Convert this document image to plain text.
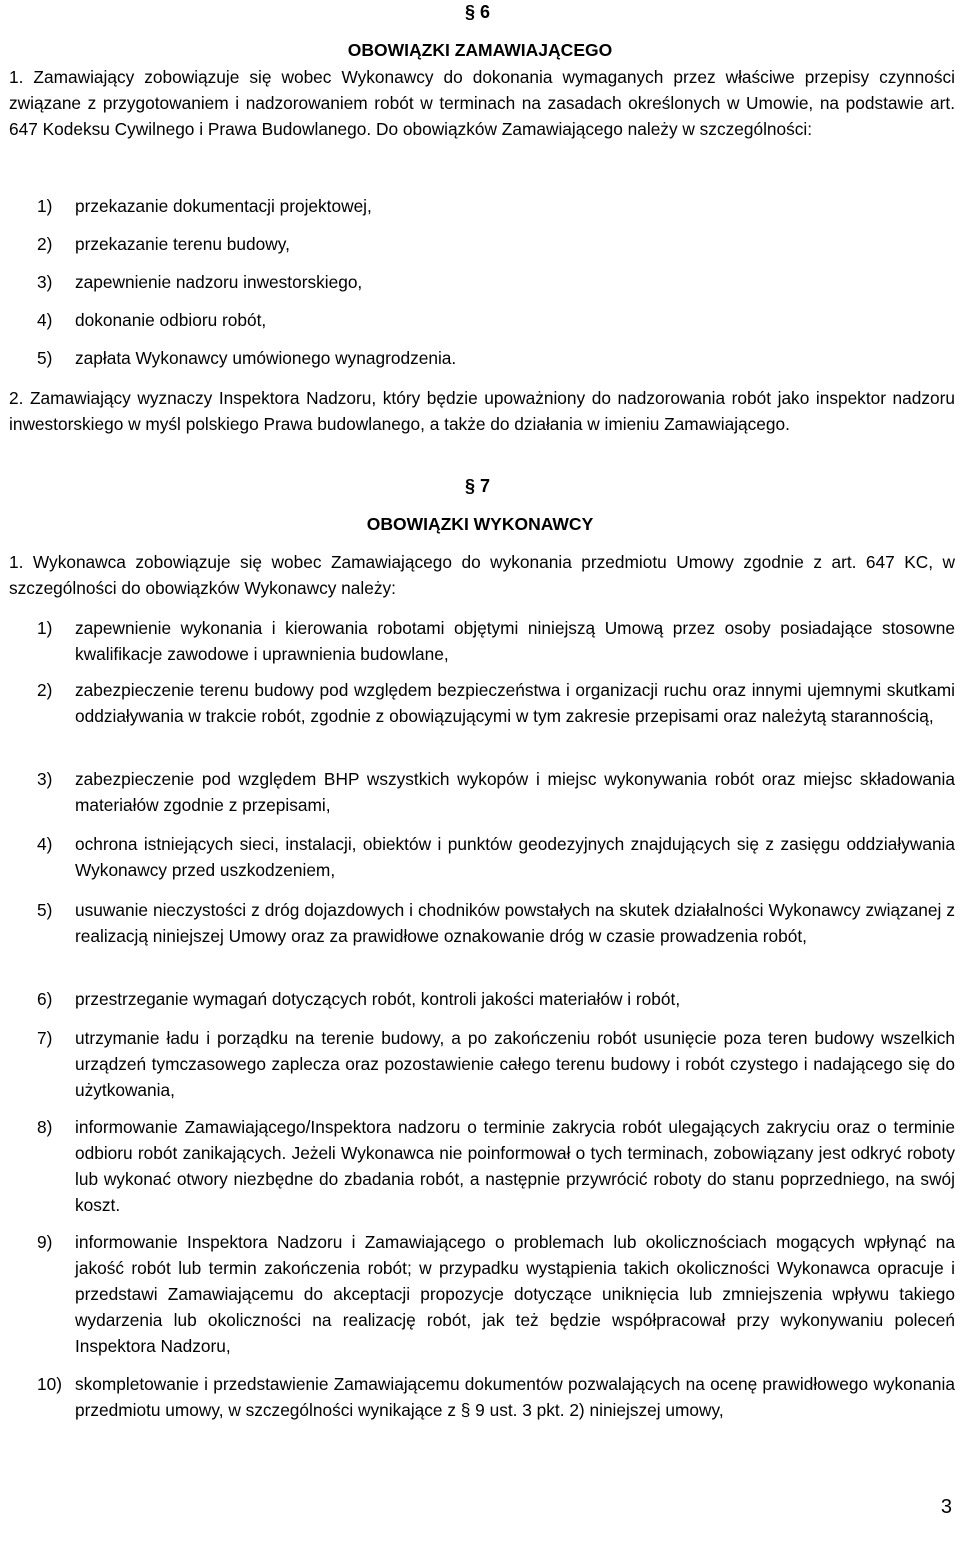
§ 6
OBOWIĄZKI ZAMAWIAJĄCEGO
1. Zamawiający zobowiązuje się wobec Wykonawcy do dokonania wymaganych przez właściwe przepisy czynności związane z przygotowaniem i nadzorowaniem robót w terminach na zasadach określonych w Umowie, na podstawie art. 647 Kodeksu Cywilnego i Prawa Budowlanego. Do obowiązków Zamawiającego należy w szczególności:
1)	przekazanie dokumentacji projektowej,
2)	przekazanie terenu budowy,
3)	zapewnienie nadzoru inwestorskiego,
4)	dokonanie odbioru robót,
5)	zapłata Wykonawcy umówionego wynagrodzenia.
2. Zamawiający wyznaczy Inspektora Nadzoru, który będzie upoważniony do nadzorowania robót jako inspektor nadzoru inwestorskiego w myśl polskiego Prawa budowlanego, a także do działania w imieniu Zamawiającego.
§ 7
OBOWIĄZKI WYKONAWCY
1. Wykonawca zobowiązuje się wobec Zamawiającego do wykonania przedmiotu Umowy zgodnie z art. 647 KC, w szczególności do obowiązków Wykonawcy należy:
1)	zapewnienie wykonania i kierowania robotami objętymi niniejszą Umową przez osoby posiadające stosowne kwalifikacje zawodowe i uprawnienia budowlane,
2)	zabezpieczenie terenu budowy pod względem bezpieczeństwa i organizacji ruchu oraz innymi ujemnymi skutkami oddziaływania w trakcie robót, zgodnie z obowiązującymi w tym zakresie przepisami oraz należytą starannością,
3)	zabezpieczenie pod względem BHP wszystkich wykopów i miejsc wykonywania robót oraz miejsc składowania materiałów zgodnie z przepisami,
4)	ochrona istniejących sieci, instalacji, obiektów i punktów geodezyjnych znajdujących się z zasięgu oddziaływania Wykonawcy przed uszkodzeniem,
5)	usuwanie nieczystości z dróg dojazdowych i chodników powstałych na skutek działalności Wykonawcy związanej z realizacją niniejszej Umowy oraz za prawidłowe oznakowanie dróg w czasie prowadzenia robót,
6)	przestrzeganie wymagań dotyczących robót, kontroli jakości materiałów i robót,
7)	utrzymanie ładu i porządku na terenie budowy, a po zakończeniu robót usunięcie poza teren budowy wszelkich urządzeń tymczasowego zaplecza oraz pozostawienie całego terenu budowy i robót czystego i nadającego się do użytkowania,
8)	informowanie Zamawiającego/Inspektora nadzoru o terminie zakrycia robót ulegających zakryciu oraz o terminie odbioru robót zanikających. Jeżeli Wykonawca nie poinformował o tych terminach, zobowiązany jest odkryć roboty lub wykonać otwory niezbędne do zbadania robót, a następnie przywrócić roboty do stanu poprzedniego, na swój koszt.
9)	informowanie Inspektora Nadzoru i Zamawiającego o problemach lub okolicznościach mogących wpłynąć na jakość robót lub termin zakończenia robót; w przypadku wystąpienia takich okoliczności Wykonawca opracuje i przedstawi Zamawiającemu do akceptacji propozycje dotyczące uniknięcia lub zmniejszenia wpływu takiego wydarzenia lub okoliczności na realizację robót, jak też będzie współpracował przy wykonywaniu poleceń Inspektora Nadzoru,
10) skompletowanie i przedstawienie Zamawiającemu dokumentów pozwalających na ocenę prawidłowego wykonania przedmiotu umowy, w szczególności wynikające z § 9 ust. 3 pkt. 2) niniejszej umowy,
3
